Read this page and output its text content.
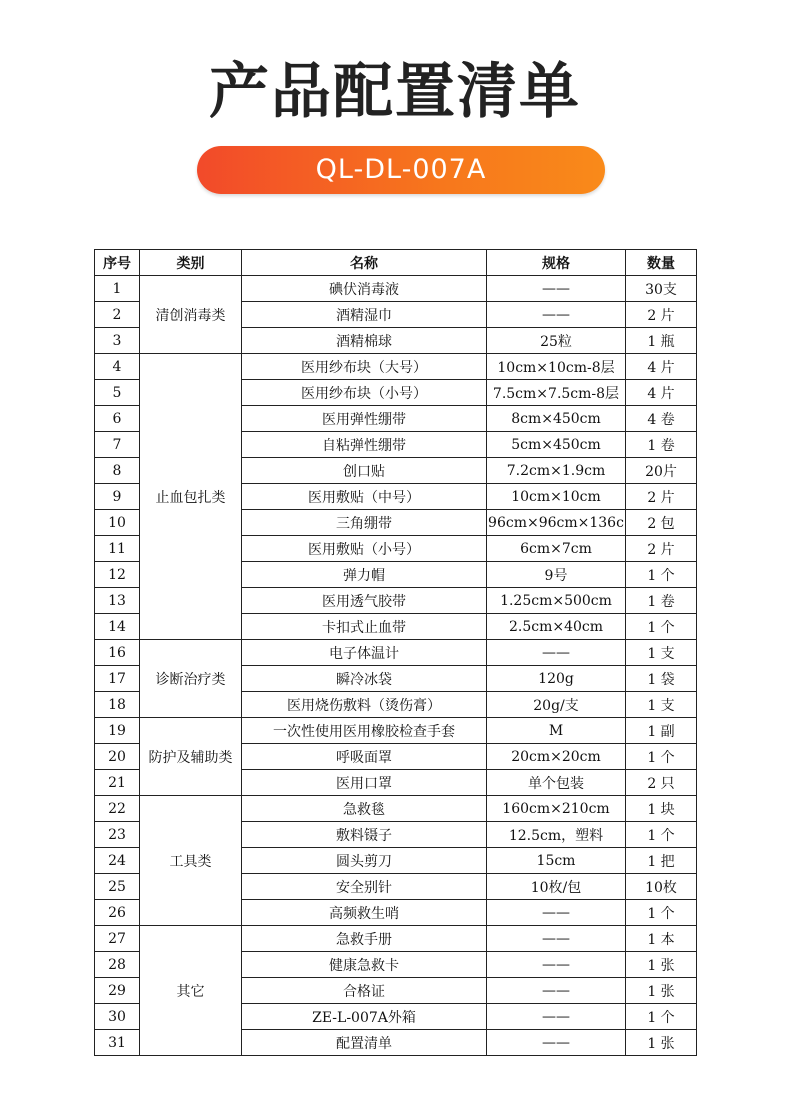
产品配置清单
QL-DL-007A
序号	类别	名称	规格	数量
1	清创消毒类	碘伏消毒液	——	30支
2		酒精湿巾	——	2 片
3		酒精棉球	25粒	1 瓶
4	止血包扎类	医用纱布块（大号）	10cm×10cm-8层	4 片
5		医用纱布块（小号）	7.5cm×7.5cm-8层	4 片
6		医用弹性绷带	8cm×450cm	4 卷
7		自粘弹性绷带	5cm×450cm	1 卷
8		创口贴	7.2cm×1.9cm	20片
9		医用敷贴（中号）	10cm×10cm	2 片
10		三角绷带	96cm×96cm×136c	2 包
11		医用敷贴（小号）	6cm×7cm	2 片
12		弹力帽	9号	1 个
13		医用透气胶带	1.25cm×500cm	1 卷
14		卡扣式止血带	2.5cm×40cm	1 个
16	诊断治疗类	电子体温计	——	1 支
17		瞬冷冰袋	120g	1 袋
18		医用烧伤敷料（烫伤膏）	20g/支	1 支
19	防护及辅助类	一次性使用医用橡胶检查手套	M	1 副
20		呼吸面罩	20cm×20cm	1 个
21		医用口罩	单个包装	2 只
22	工具类	急救毯	160cm×210cm	1 块
23		敷料镊子	12.5cm，塑料	1 个
24		圆头剪刀	15cm	1 把
25		安全别针	10枚/包	10枚
26		高频救生哨	——	1 个
27	其它	急救手册	——	1 本
28		健康急救卡	——	1 张
29		合格证	——	1 张
30		ZE-L-007A外箱	——	1 个
31		配置清单	——	1 张
